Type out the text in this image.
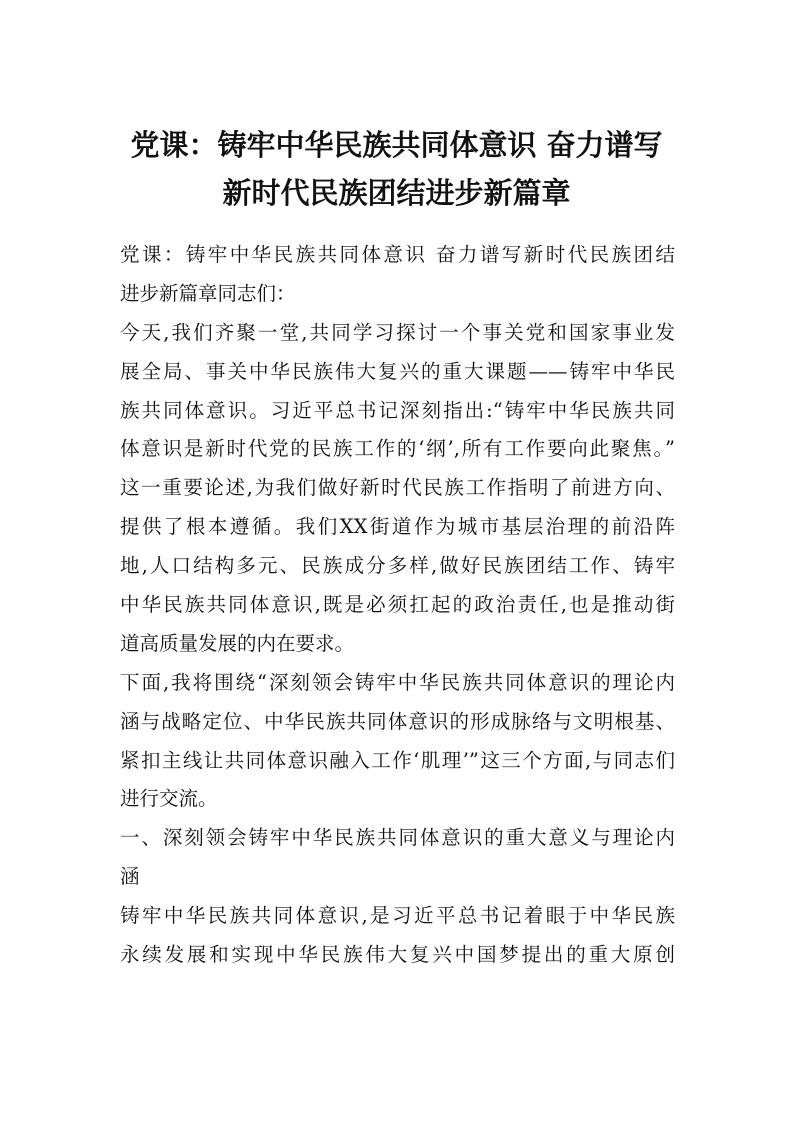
党课：铸牢中华民族共同体意识 奋力谱写
新时代民族团结进步新篇章
党课：铸牢中华民族共同体意识 奋力谱写新时代民族团结
进步新篇章同志们：
今天,我们齐聚一堂,共同学习探讨一个事关党和国家事业发
展全局、事关中华民族伟大复兴的重大课题——铸牢中华民
族共同体意识。习近平总书记深刻指出:“铸牢中华民族共同
体意识是新时代党的民族工作的‘纲’,所有工作要向此聚焦。”
这一重要论述,为我们做好新时代民族工作指明了前进方向、
提供了根本遵循。我们XX街道作为城市基层治理的前沿阵
地,人口结构多元、民族成分多样,做好民族团结工作、铸牢
中华民族共同体意识,既是必须扛起的政治责任,也是推动街
道高质量发展的内在要求。
下面,我将围绕“深刻领会铸牢中华民族共同体意识的理论内
涵与战略定位、中华民族共同体意识的形成脉络与文明根基、
紧扣主线让共同体意识融入工作‘肌理’”这三个方面,与同志们
进行交流。
一、深刻领会铸牢中华民族共同体意识的重大意义与理论内
涵
铸牢中华民族共同体意识,是习近平总书记着眼于中华民族
永续发展和实现中华民族伟大复兴中国梦提出的重大原创
